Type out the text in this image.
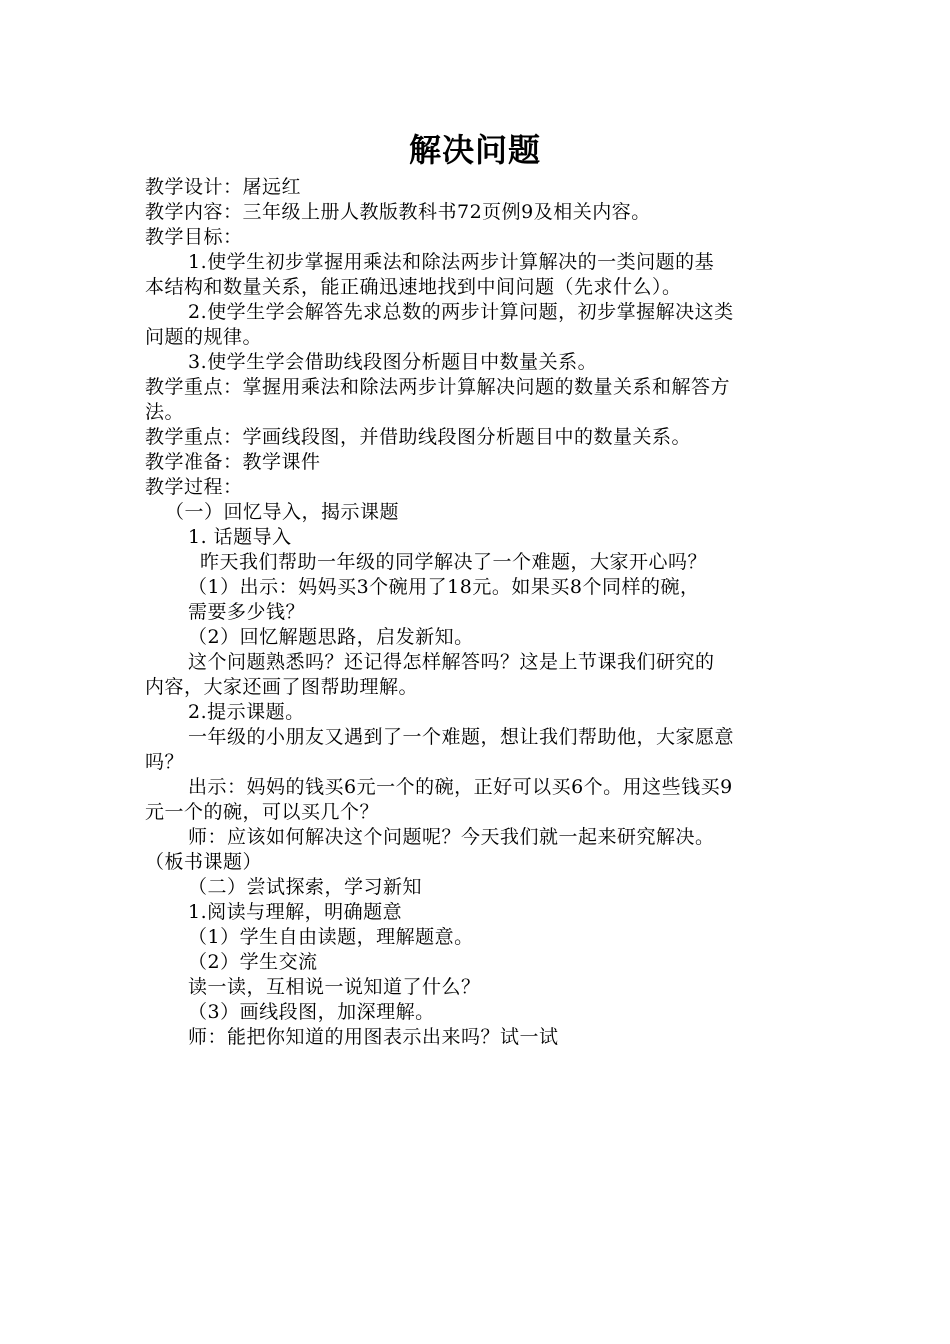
解决问题
教学设计：屠远红
教学内容：三年级上册人教版教科书72页例9及相关内容。
教学目标：
1.使学生初步掌握用乘法和除法两步计算解决的一类问题的基
本结构和数量关系，能正确迅速地找到中间问题（先求什么）。
2.使学生学会解答先求总数的两步计算问题，初步掌握解决这类
问题的规律。
3.使学生学会借助线段图分析题目中数量关系。
教学重点：掌握用乘法和除法两步计算解决问题的数量关系和解答方
法。
教学重点：学画线段图，并借助线段图分析题目中的数量关系。
教学准备：教学课件
教学过程：
（一）回忆导入，揭示课题
1. 话题导入
昨天我们帮助一年级的同学解决了一个难题，大家开心吗？
（1）出示：妈妈买3个碗用了18元。如果买8个同样的碗，
需要多少钱？
（2）回忆解题思路，启发新知。
这个问题熟悉吗？还记得怎样解答吗？这是上节课我们研究的
内容，大家还画了图帮助理解。
2.提示课题。
一年级的小朋友又遇到了一个难题，想让我们帮助他，大家愿意
吗？
出示：妈妈的钱买6元一个的碗，正好可以买6个。用这些钱买9
元一个的碗，可以买几个？
师：应该如何解决这个问题呢？今天我们就一起来研究解决。
（板书课题）
（二）尝试探索，学习新知
1.阅读与理解，明确题意
（1）学生自由读题，理解题意。
（2）学生交流
读一读，互相说一说知道了什么？
（3）画线段图，加深理解。
师：能把你知道的用图表示出来吗？试一试
